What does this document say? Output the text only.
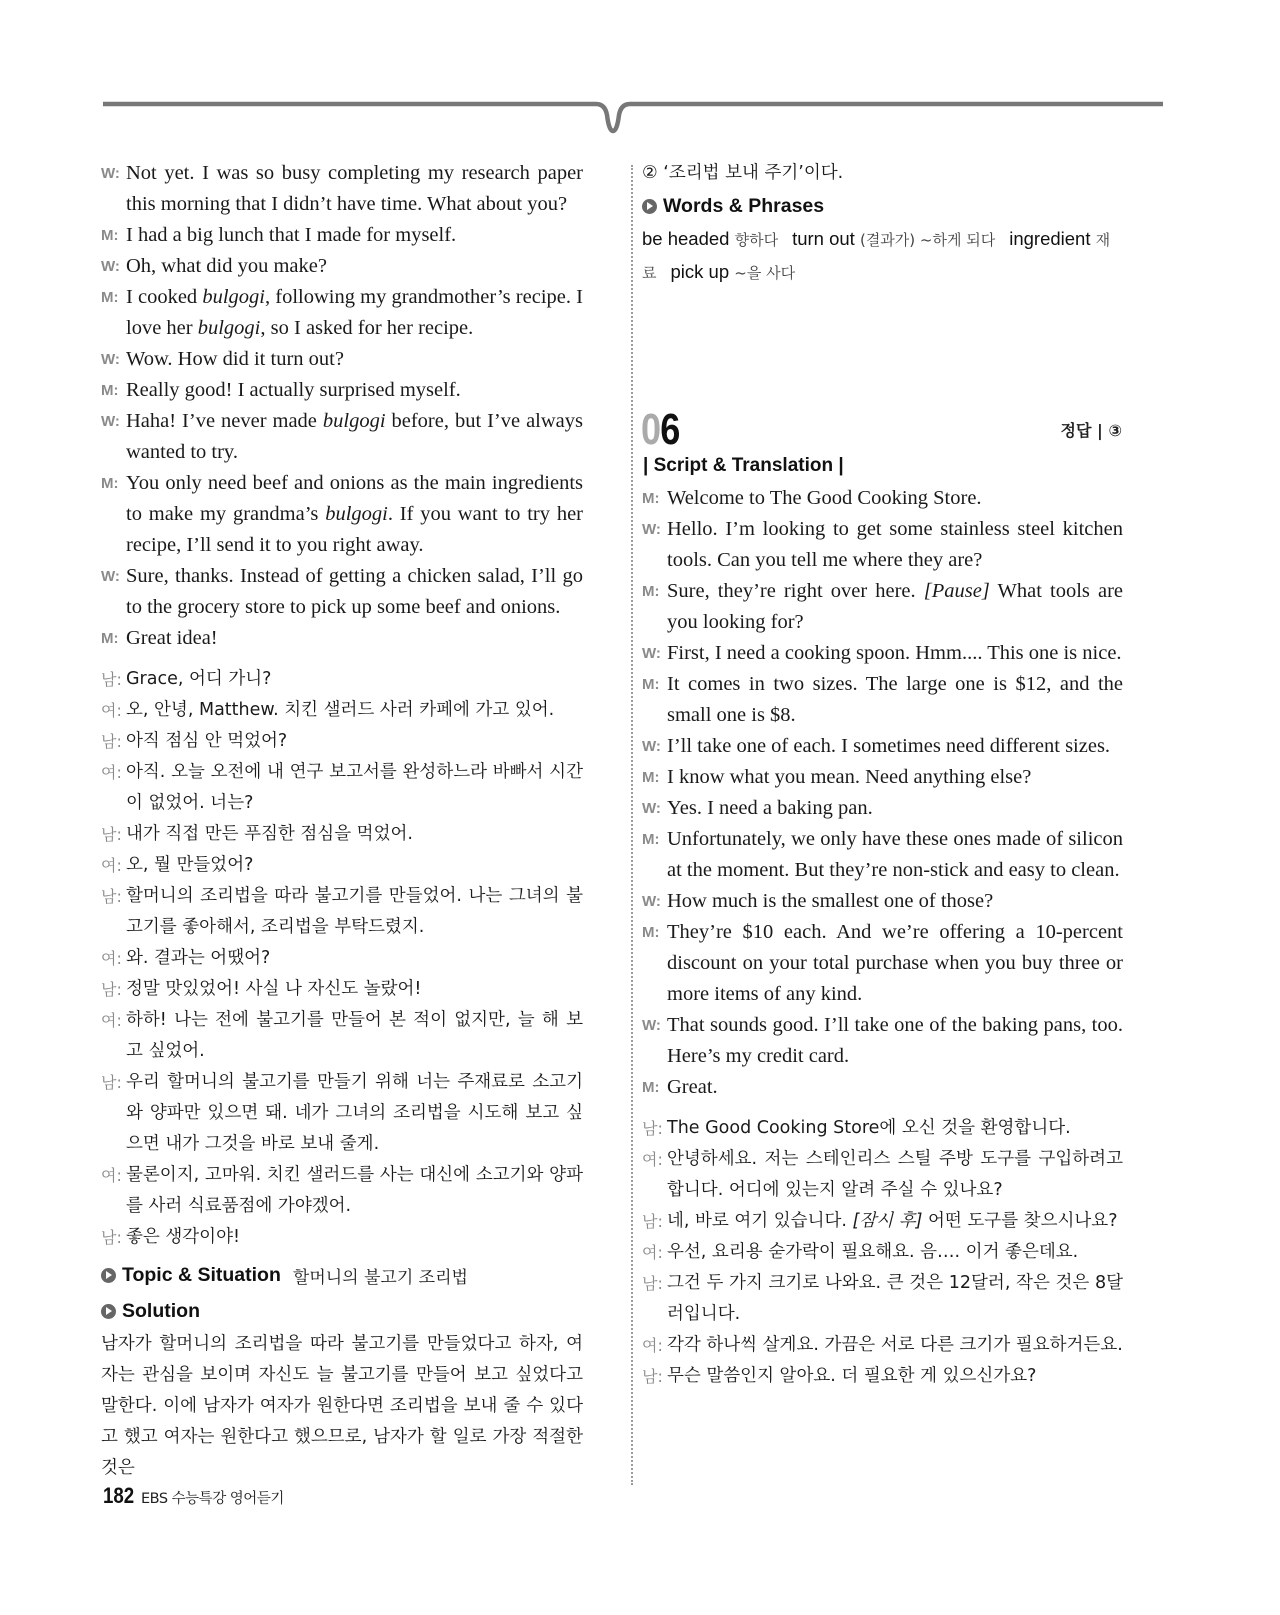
W: Not yet. I was so busy completing my research paper this morning that I didn’t have time. What about you?
M: I had a big lunch that I made for myself.
W: Oh, what did you make?
M: I cooked bulgogi, following my grandmother’s recipe. I love her bulgogi, so I asked for her recipe.
W: Wow. How did it turn out?
M: Really good! I actually surprised myself.
W: Haha! I’ve never made bulgogi before, but I’ve always wanted to try.
M: You only need beef and onions as the main ingredients to make my grandma’s bulgogi. If you want to try her recipe, I’ll send it to you right away.
W: Sure, thanks. Instead of getting a chicken salad, I’ll go to the grocery store to pick up some beef and onions.
M: Great idea!
남: Grace, 어디 가니?
여: 오, 안녕, Matthew. 치킨 샐러드 사러 카페에 가고 있어.
남: 아직 점심 안 먹었어?
여: 아직. 오늘 오전에 내 연구 보고서를 완성하느라 바빠서 시간이 없었어. 너는?
남: 내가 직접 만든 푸짐한 점심을 먹었어.
여: 오, 뭘 만들었어?
남: 할머니의 조리법을 따라 불고기를 만들었어. 나는 그녀의 불고기를 좋아해서, 조리법을 부탁드렸지.
여: 와. 결과는 어땠어?
남: 정말 맛있었어! 사실 나 자신도 놀랐어!
여: 하하! 나는 전에 불고기를 만들어 본 적이 없지만, 늘 해 보고 싶었어.
남: 우리 할머니의 불고기를 만들기 위해 너는 주재료로 소고기와 양파만 있으면 돼. 네가 그녀의 조리법을 시도해 보고 싶으면 내가 그것을 바로 보내 줄게.
여: 물론이지, 고마워. 치킨 샐러드를 사는 대신에 소고기와 양파를 사러 식료품점에 가야겠어.
남: 좋은 생각이야!
Topic & Situation 할머니의 불고기 조리법
Solution
남자가 할머니의 조리법을 따라 불고기를 만들었다고 하자, 여자는 관심을 보이며 자신도 늘 불고기를 만들어 보고 싶었다고 말한다. 이에 남자가 여자가 원한다면 조리법을 보내 줄 수 있다고 했고 여자는 원한다고 했으므로, 남자가 할 일로 가장 적절한 것은
② ‘조리법 보내 주기’이다.
Words & Phrases
be headed 향하다 turn out (결과가) ~하게 되다 ingredient 재료 pick up ~을 사다
06	정답 | ③
| Script & Translation |
M: Welcome to The Good Cooking Store.
W: Hello. I’m looking to get some stainless steel kitchen tools. Can you tell me where they are?
M: Sure, they’re right over here. [Pause] What tools are you looking for?
W: First, I need a cooking spoon. Hmm.... This one is nice.
M: It comes in two sizes. The large one is $12, and the small one is $8.
W: I’ll take one of each. I sometimes need different sizes.
M: I know what you mean. Need anything else?
W: Yes. I need a baking pan.
M: Unfortunately, we only have these ones made of silicon at the moment. But they’re non-stick and easy to clean.
W: How much is the smallest one of those?
M: They’re $10 each. And we’re offering a 10-percent discount on your total purchase when you buy three or more items of any kind.
W: That sounds good. I’ll take one of the baking pans, too. Here’s my credit card.
M: Great.
남: The Good Cooking Store에 오신 것을 환영합니다.
여: 안녕하세요. 저는 스테인리스 스틸 주방 도구를 구입하려고 합니다. 어디에 있는지 알려 주실 수 있나요?
남: 네, 바로 여기 있습니다. [잠시 후] 어떤 도구를 찾으시나요?
여: 우선, 요리용 숟가락이 필요해요. 음…. 이거 좋은데요.
남: 그건 두 가지 크기로 나와요. 큰 것은 12달러, 작은 것은 8달러입니다.
여: 각각 하나씩 살게요. 가끔은 서로 다른 크기가 필요하거든요.
남: 무슨 말씀인지 알아요. 더 필요한 게 있으신가요?
182 EBS 수능특강 영어듣기
